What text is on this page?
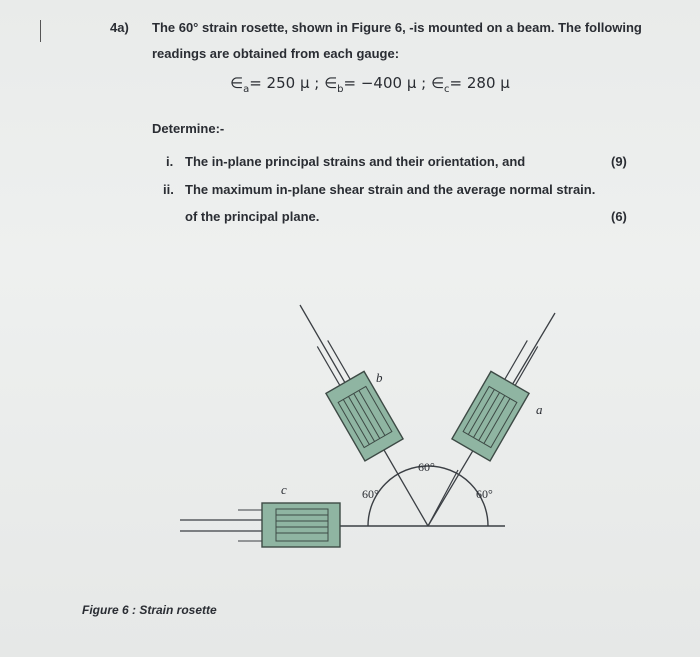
4a) The 60° strain rosette, shown in Figure 6, -is mounted on a beam. The following
readings are obtained from each gauge:
$\in_a= 250$ μ ; $\in_b= -400$ μ ; $\in_c= 280$ μ
Determine:-
i. The in-plane principal strains and their orientation, and	(9)
ii. The maximum in-plane shear strain and the average normal strain.
of the principal plane.	(6)
b
a
c
60°
60°	60°
Figure 6 : Strain rosette
